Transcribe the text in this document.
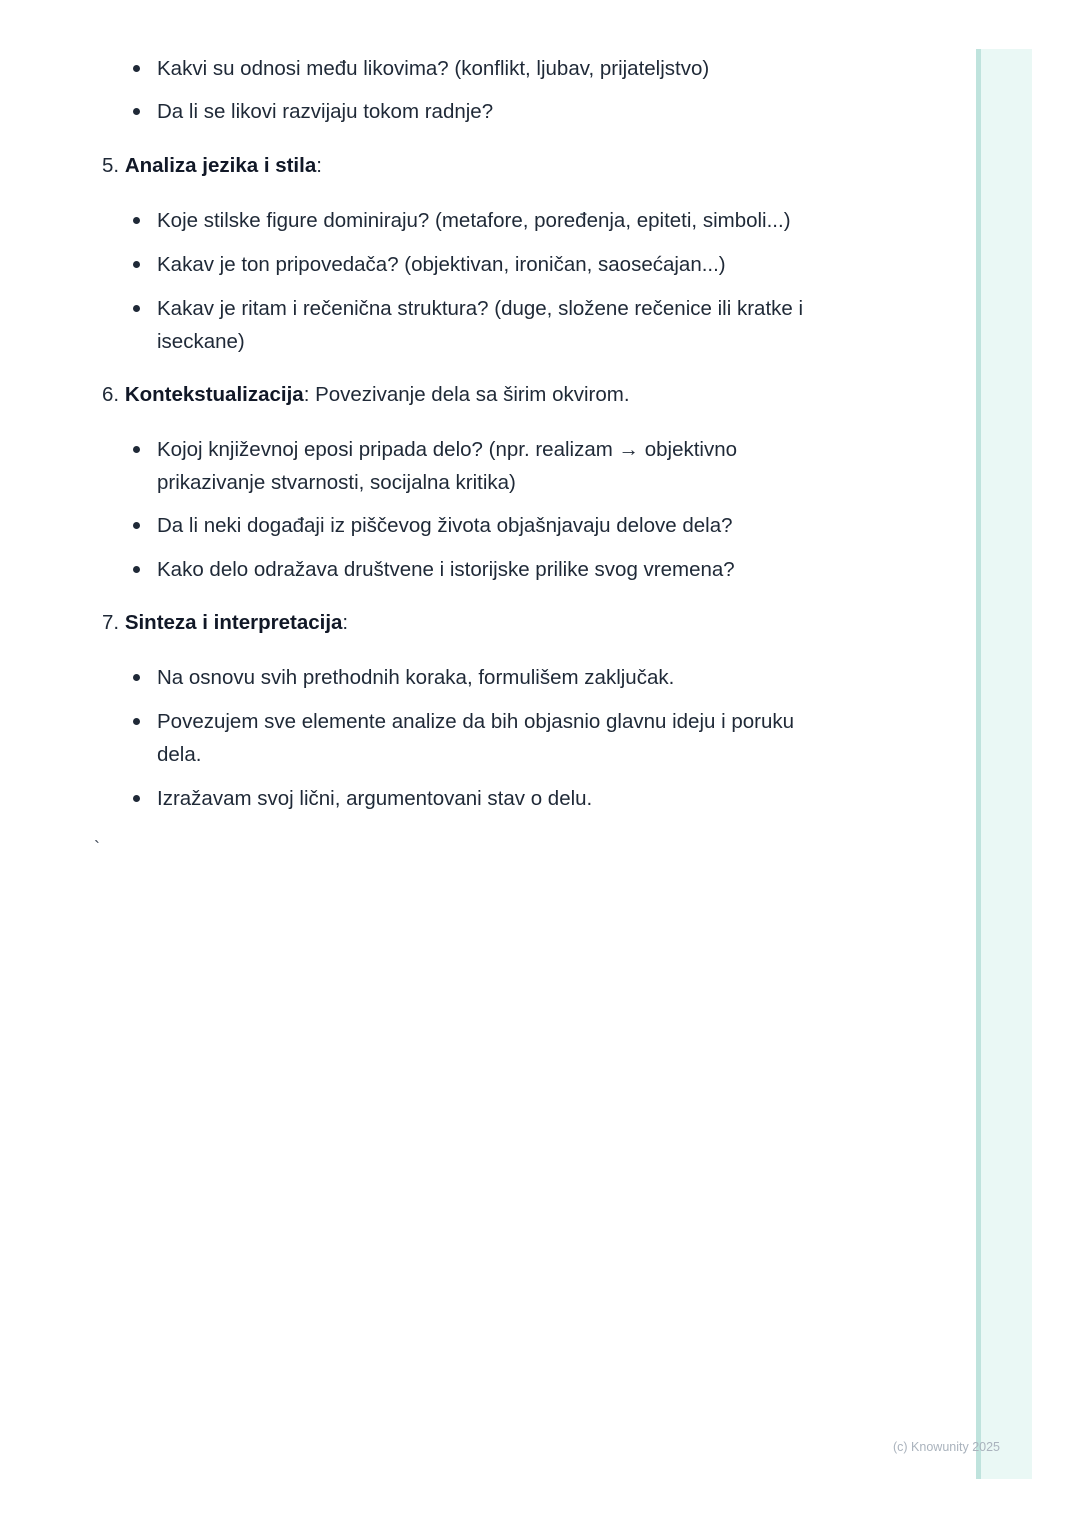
Kakvi su odnosi među likovima? (konflikt, ljubav, prijateljstvo)
Da li se likovi razvijaju tokom radnje?

5. Analiza jezika i stila:

Koje stilske figure dominiraju? (metafore, poređenja, epiteti, simboli...)
Kakav je ton pripovedača? (objektivan, ironičan, saosećajan...)
Kakav je ritam i rečenična struktura? (duge, složene rečenice ili kratke i iseckane)

6. Kontekstualizacija: Povezivanje dela sa širim okvirom.

Kojoj književnoj eposi pripada delo? (npr. realizam → objektivno prikazivanje stvarnosti, socijalna kritika)
Da li neki događaji iz piščevog života objašnjavaju delove dela?
Kako delo odražava društvene i istorijske prilike svog vremena?

7. Sinteza i interpretacija:

Na osnovu svih prethodnih koraka, formulišem zaključak.
Povezujem sve elemente analize da bih objasnio glavnu ideju i poruku dela.
Izražavam svoj lični, argumentovani stav o delu.
`
(c) Knowunity 2025
